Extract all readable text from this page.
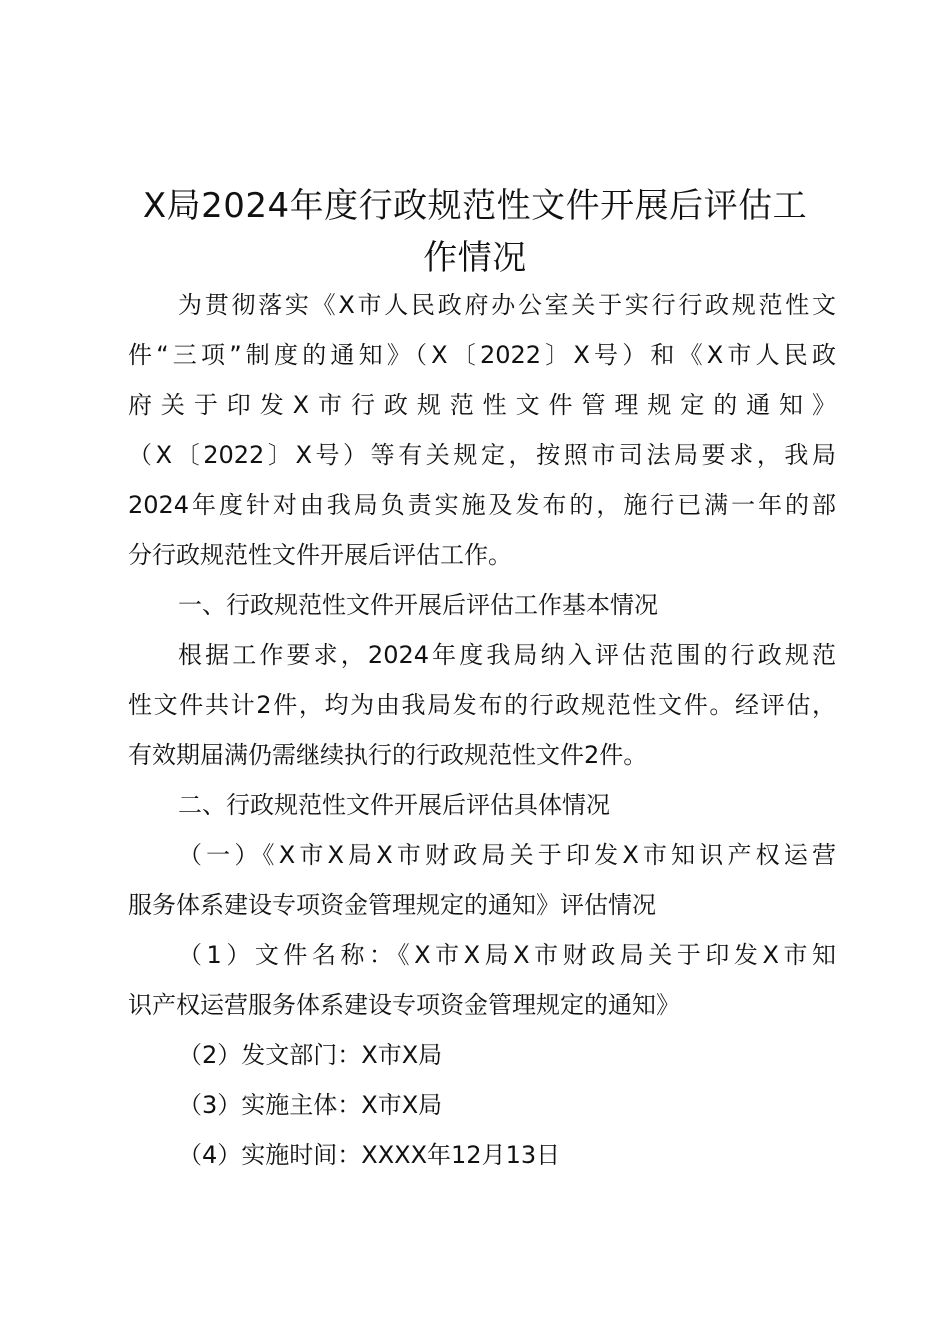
X局2024年度行政规范性文件开展后评估工
作情况
为贯彻落实《X市人民政府办公室关于实行行政规范性文
件“三项”制度的通知》（X〔2022〕X号）和《X市人民政
府关于印发X市行政规范性文件管理规定的通知》
（X〔2022〕X号）等有关规定，按照市司法局要求，我局
2024年度针对由我局负责实施及发布的，施行已满一年的部
分行政规范性文件开展后评估工作。
一、行政规范性文件开展后评估工作基本情况
根据工作要求，2024年度我局纳入评估范围的行政规范
性文件共计2件，均为由我局发布的行政规范性文件。经评估，
有效期届满仍需继续执行的行政规范性文件2件。
二、行政规范性文件开展后评估具体情况
（一）《X市X局X市财政局关于印发X市知识产权运营
服务体系建设专项资金管理规定的通知》评估情况
（1）文件名称：《X市X局X市财政局关于印发X市知
识产权运营服务体系建设专项资金管理规定的通知》
（2）发文部门：X市X局
（3）实施主体：X市X局
（4）实施时间：XXXX年12月13日
